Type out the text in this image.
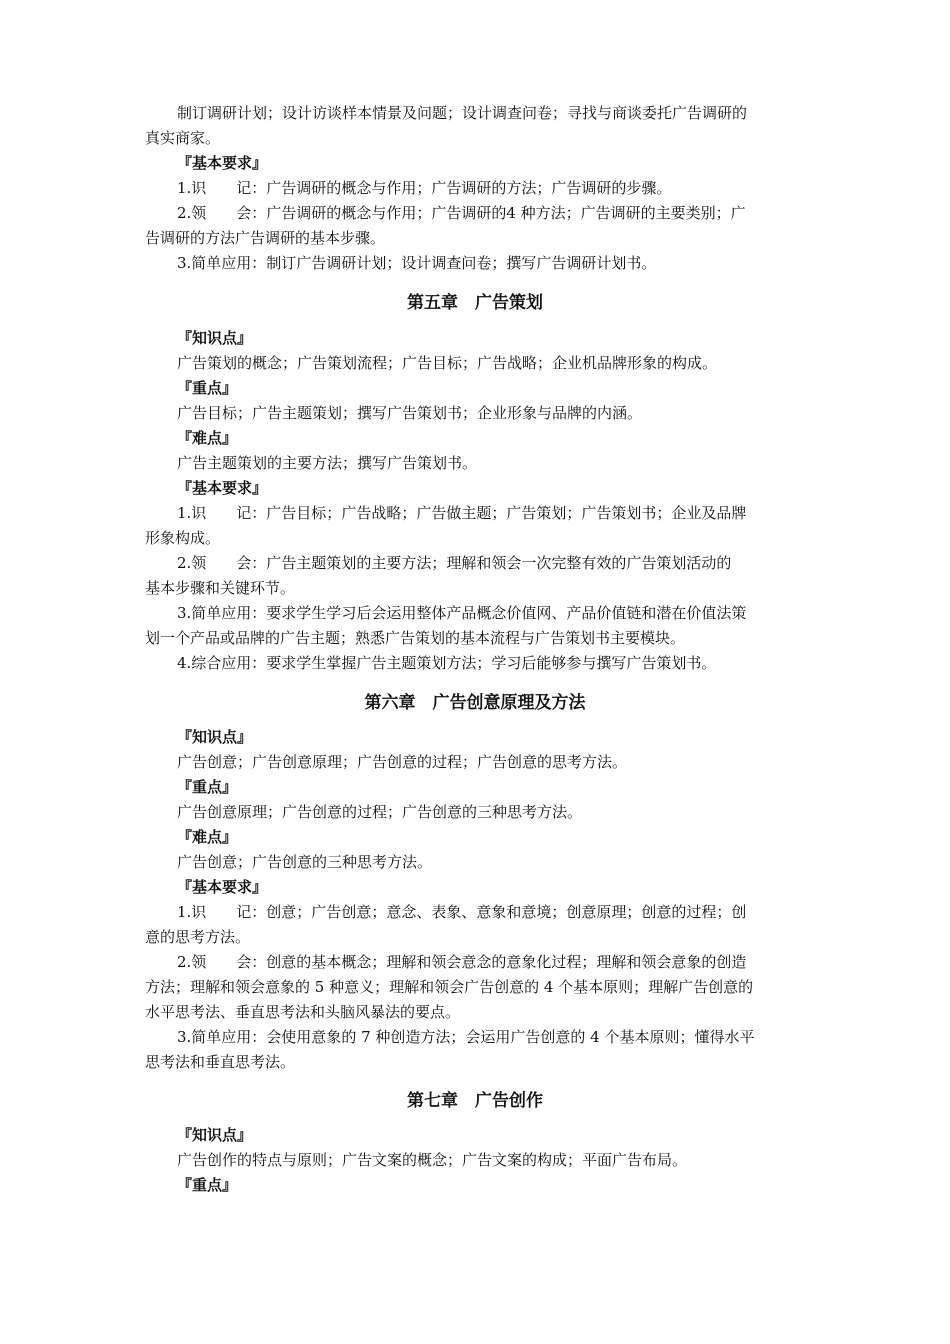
制订调研计划；设计访谈样本情景及问题；设计调查问卷；寻找与商谈委托广告调研的
真实商家。
『基本要求』
1.识　　记：广告调研的概念与作用；广告调研的方法；广告调研的步骤。
2.领　　会：广告调研的概念与作用；广告调研的4 种方法；广告调研的主要类别；广
告调研的方法广告调研的基本步骤。
3.简单应用：制订广告调研计划；设计调查问卷；撰写广告调研计划书。
第五章　广告策划
『知识点』
广告策划的概念；广告策划流程；广告目标；广告战略；企业机品牌形象的构成。
『重点』
广告目标；广告主题策划；撰写广告策划书；企业形象与品牌的内涵。
『难点』
广告主题策划的主要方法；撰写广告策划书。
『基本要求』
1.识　　记：广告目标；广告战略；广告做主题；广告策划；广告策划书；企业及品牌
形象构成。
2.领　　会：广告主题策划的主要方法；理解和领会一次完整有效的广告策划活动的
基本步骤和关键环节。
3.简单应用：要求学生学习后会运用整体产品概念价值网、产品价值链和潜在价值法策
划一个产品或品牌的广告主题；熟悉广告策划的基本流程与广告策划书主要模块。
4.综合应用：要求学生掌握广告主题策划方法；学习后能够参与撰写广告策划书。
第六章　广告创意原理及方法
『知识点』
广告创意；广告创意原理；广告创意的过程；广告创意的思考方法。
『重点』
广告创意原理；广告创意的过程；广告创意的三种思考方法。
『难点』
广告创意；广告创意的三种思考方法。
『基本要求』
1.识　　记：创意；广告创意；意念、表象、意象和意境；创意原理；创意的过程；创
意的思考方法。
2.领　　会：创意的基本概念；理解和领会意念的意象化过程；理解和领会意象的创造
方法；理解和领会意象的 5 种意义；理解和领会广告创意的 4 个基本原则；理解广告创意的
水平思考法、垂直思考法和头脑风暴法的要点。
3.简单应用：会使用意象的 7 种创造方法；会运用广告创意的 4 个基本原则；懂得水平
思考法和垂直思考法。
第七章　广告创作
『知识点』
广告创作的特点与原则；广告文案的概念；广告文案的构成；平面广告布局。
『重点』
